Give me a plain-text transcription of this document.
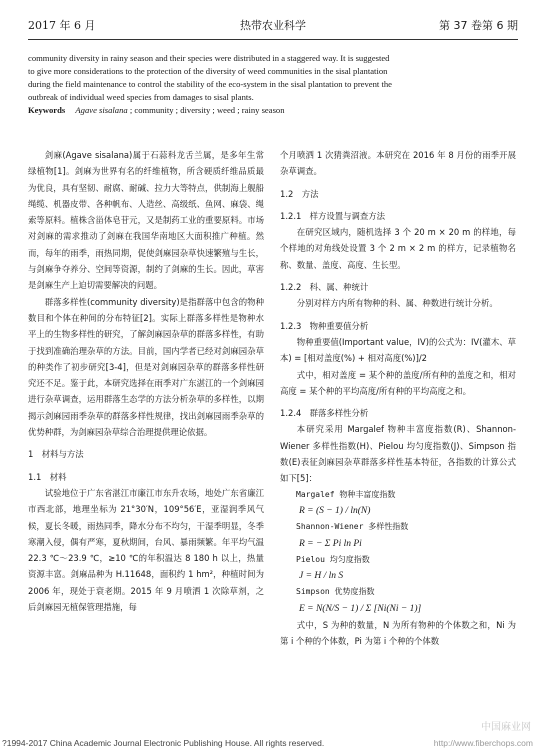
2017 年 6 月	热带农业科学	第 37 卷第 6 期

community diversity in rainy season and their species were distributed in a staggered way. It is suggested

to give more considerations to the protection of the diversity of weed communities in the sisal plantation

during the field maintenance to control the stability of the eco-system in the sisal plantation to prevent the

outbreak of individual weed species from damages to sisal plants.

Keywords Agave sisalana ; community ; diversity ; weed ; rainy season

剑麻(Agave sisalana)属于石蒜科龙舌兰属，是多年生常绿植物[1]。剑麻为世界有名的纤维植物，所含硬质纤维品质最为优良，具有坚韧、耐腐、耐碱、拉力大等特点，供制海上舰船绳缆、机器皮带、各种帆布、人造丝、高级纸、鱼网、麻袋、绳索等原料。植株含甾体皂苷元，又是制药工业的重要原料。市场对剑麻的需求推动了剑麻在我国华南地区大面积推广种植。然而，每年的雨季，雨热同期，促使剑麻园杂草快速繁殖与生长，与剑麻争夺养分、空间等资源，制约了剑麻的生长。因此，草害是剑麻生产上迫切需要解决的问题。

群落多样性(community diversity)是指群落中包含的物种数目和个体在种间的分布特征[2]。实际上群落多样性是物种水平上的生物多样性的研究，了解剑麻园杂草的群落多样性，有助于找到准确治理杂草的方法。目前，国内学者已经对剑麻园杂草的种类作了初步研究[3-4]，但是对剑麻园杂草的群落多样性研究还不足。鉴于此，本研究选择在雨季对广东湛江的一个剑麻园进行杂草调查，运用群落生态学的方法分析杂草的多样性，以期揭示剑麻园雨季杂草的群落多样性规律，找出剑麻园雨季杂草的优势种群，为剑麻园杂草综合治理提供理论依据。

1　材料与方法

1.1　材料

试验地位于广东省湛江市廉江市东升农场，地处广东省廉江市西北部，地理坐标为 21°30′N，109°56′E，亚湿润季风气候，夏长冬暖，雨热同季，降水分布不均匀，干湿季明显，冬季寒潮入侵，偶有严寒，夏秋期间，台风、暴雨频繁。年平均气温22.3 ℃～23.9 ℃，≥10 ℃的年积温达 8 180 h 以上，热量资源丰富。剑麻品种为 H.11648，面积约 1 hm²，种植时间为 2006 年，现处于衰老期。2015 年 9 月喷洒 1 次除草剂，之后剑麻园无植保管理措施，每

个月喷洒 1 次猜粪沼液。本研究在 2016 年 8 月份的雨季开展杂草调查。

1.2　方法

1.2.1　样方设置与调查方法

在研究区域内，随机选择 3 个 20 m × 20 m 的样地，每个样地的对角线处设置 3 个 2 m × 2 m 的样方，记录植物名称、数量、盖度、高度、生长型。

1.2.2　科、属、种统计

分别对样方内所有物种的科、属、种数进行统计分析。

1.2.3　物种重要值分析

物种重要值(Important value，IV)的公式为：IV(灌木、草本) = [相对盖度(%) + 相对高度(%)]/2

式中，相对盖度 = 某个种的盖度/所有种的盖度之和，相对高度 = 某个种的平均高度/所有种的平均高度之和。

1.2.4　群落多样性分析

本研究采用 Margalef 物种丰富度指数(R)、Shannon-Wiener 多样性指数(H)、Pielou 均匀度指数(J)、Simpson 指数(E)表征剑麻园杂草群落多样性基本特征，各指数的计算公式如下[5]：

Margalef 物种丰富度指数

R = (S − 1) / ln(N)

Shannon-Wiener 多样性指数

R = − Σ Pi ln Pi

Pielou 均匀度指数

J = H / ln S

Simpson 优势度指数

E = N(N/S − 1) / Σ [Ni(Ni − 1)]

式中，S 为种的数量，N 为所有物种的个体数之和，Ni 为第 i 个种的个体数，Pi 为第 i 个种的个体数

中国麻业网
?1994-2017 China Academic Journal Electronic Publishing House. All rights reserved.	http://www.fiberchops.com
